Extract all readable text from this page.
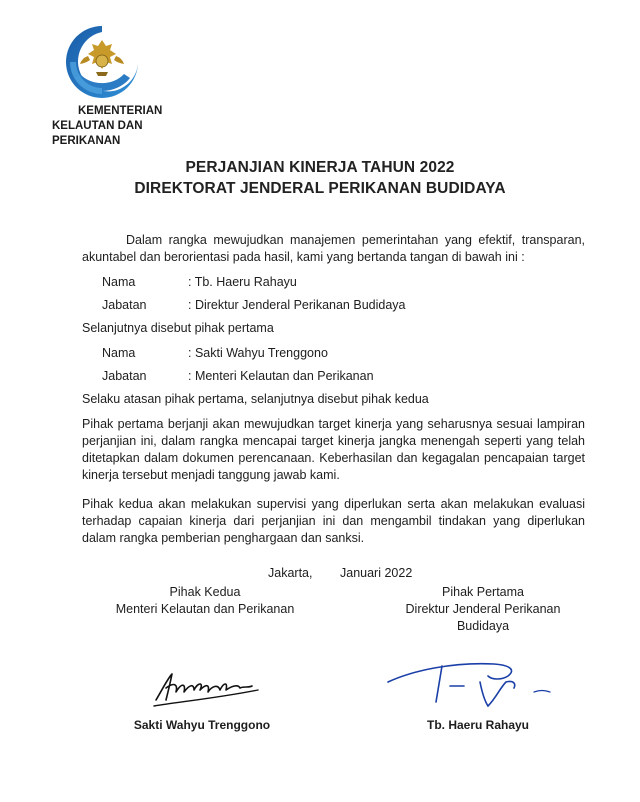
KEMENTERIAN
KELAUTAN DAN PERIKANAN
PERJANJIAN KINERJA TAHUN 2022
DIREKTORAT JENDERAL PERIKANAN BUDIDAYA

Dalam rangka mewujudkan manajemen pemerintahan yang efektif, transparan, akuntabel dan berorientasi pada hasil, kami yang bertanda tangan di bawah ini :

Nama	: Tb. Haeru Rahayu
Jabatan	: Direktur Jenderal Perikanan Budidaya

Selanjutnya disebut pihak pertama

Nama	: Sakti Wahyu Trenggono
Jabatan	: Menteri Kelautan dan Perikanan

Selaku atasan pihak pertama, selanjutnya disebut pihak kedua

Pihak pertama berjanji akan mewujudkan target kinerja yang seharusnya sesuai lampiran perjanjian ini, dalam rangka mencapai target kinerja jangka menengah seperti yang telah ditetapkan dalam dokumen perencanaan. Keberhasilan dan kegagalan pencapaian target kinerja tersebut menjadi tanggung jawab kami.

Pihak kedua akan melakukan supervisi yang diperlukan serta akan melakukan evaluasi terhadap capaian kinerja dari perjanjian ini dan mengambil tindakan yang diperlukan dalam rangka pemberian penghargaan dan sanksi.

Jakarta, Januari 2022
Pihak Kedua
Menteri Kelautan dan Perikanan
Pihak Pertama
Direktur Jenderal Perikanan
Budidaya
Sakti Wahyu Trenggono	Tb. Haeru Rahayu
